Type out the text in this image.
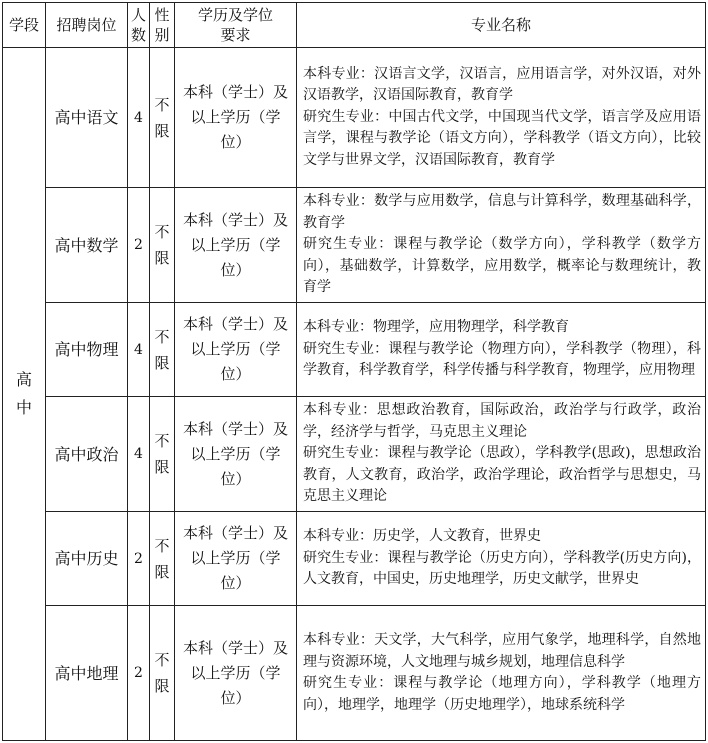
学段	招聘岗位	人数	性别	学历及学位要求	专业名称
高中	高中语文	4	不限	本科（学士）及以上学历（学位）	本科专业：汉语言文学，汉语言，应用语言学，对外汉语，对外汉语教学，汉语国际教育，教育学
研究生专业：中国古代文学，中国现当代文学，语言学及应用语言学，课程与教学论（语文方向），学科教学（语文方向），比较文学与世界文学，汉语国际教育，教育学

	高中数学	2	不限	本科（学士）及以上学历（学位）	本科专业：数学与应用数学，信息与计算科学，数理基础科学，教育学
研究生专业：课程与教学论（数学方向），学科教学（数学方向），基础数学，计算数学，应用数学，概率论与数理统计，教育学

	高中物理	4	不限	本科（学士）及以上学历（学位）	本科专业：物理学，应用物理学，科学教育
研究生专业：课程与教学论（物理方向），学科教学（物理），科学教育，科学教育学，科学传播与科学教育，物理学，应用物理

	高中政治	4	不限	本科（学士）及以上学历（学位）	本科专业：思想政治教育，国际政治，政治学与行政学，政治学，经济学与哲学，马克思主义理论
研究生专业：课程与教学论（思政），学科教学(思政)，思想政治教育，人文教育，政治学，政治学理论，政治哲学与思想史，马克思主义理论

	高中历史	2	不限	本科（学士）及以上学历（学位）	本科专业：历史学，人文教育，世界史
研究生专业：课程与教学论（历史方向），学科教学(历史方向)，人文教育，中国史，历史地理学，历史文献学，世界史

	高中地理	2	不限	本科（学士）及以上学历（学位）	本科专业：天文学，大气科学，应用气象学，地理科学，自然地理与资源环境，人文地理与城乡规划，地理信息科学
研究生专业：课程与教学论（地理方向），学科教学（地理方向），地理学，地理学（历史地理学），地球系统科学
